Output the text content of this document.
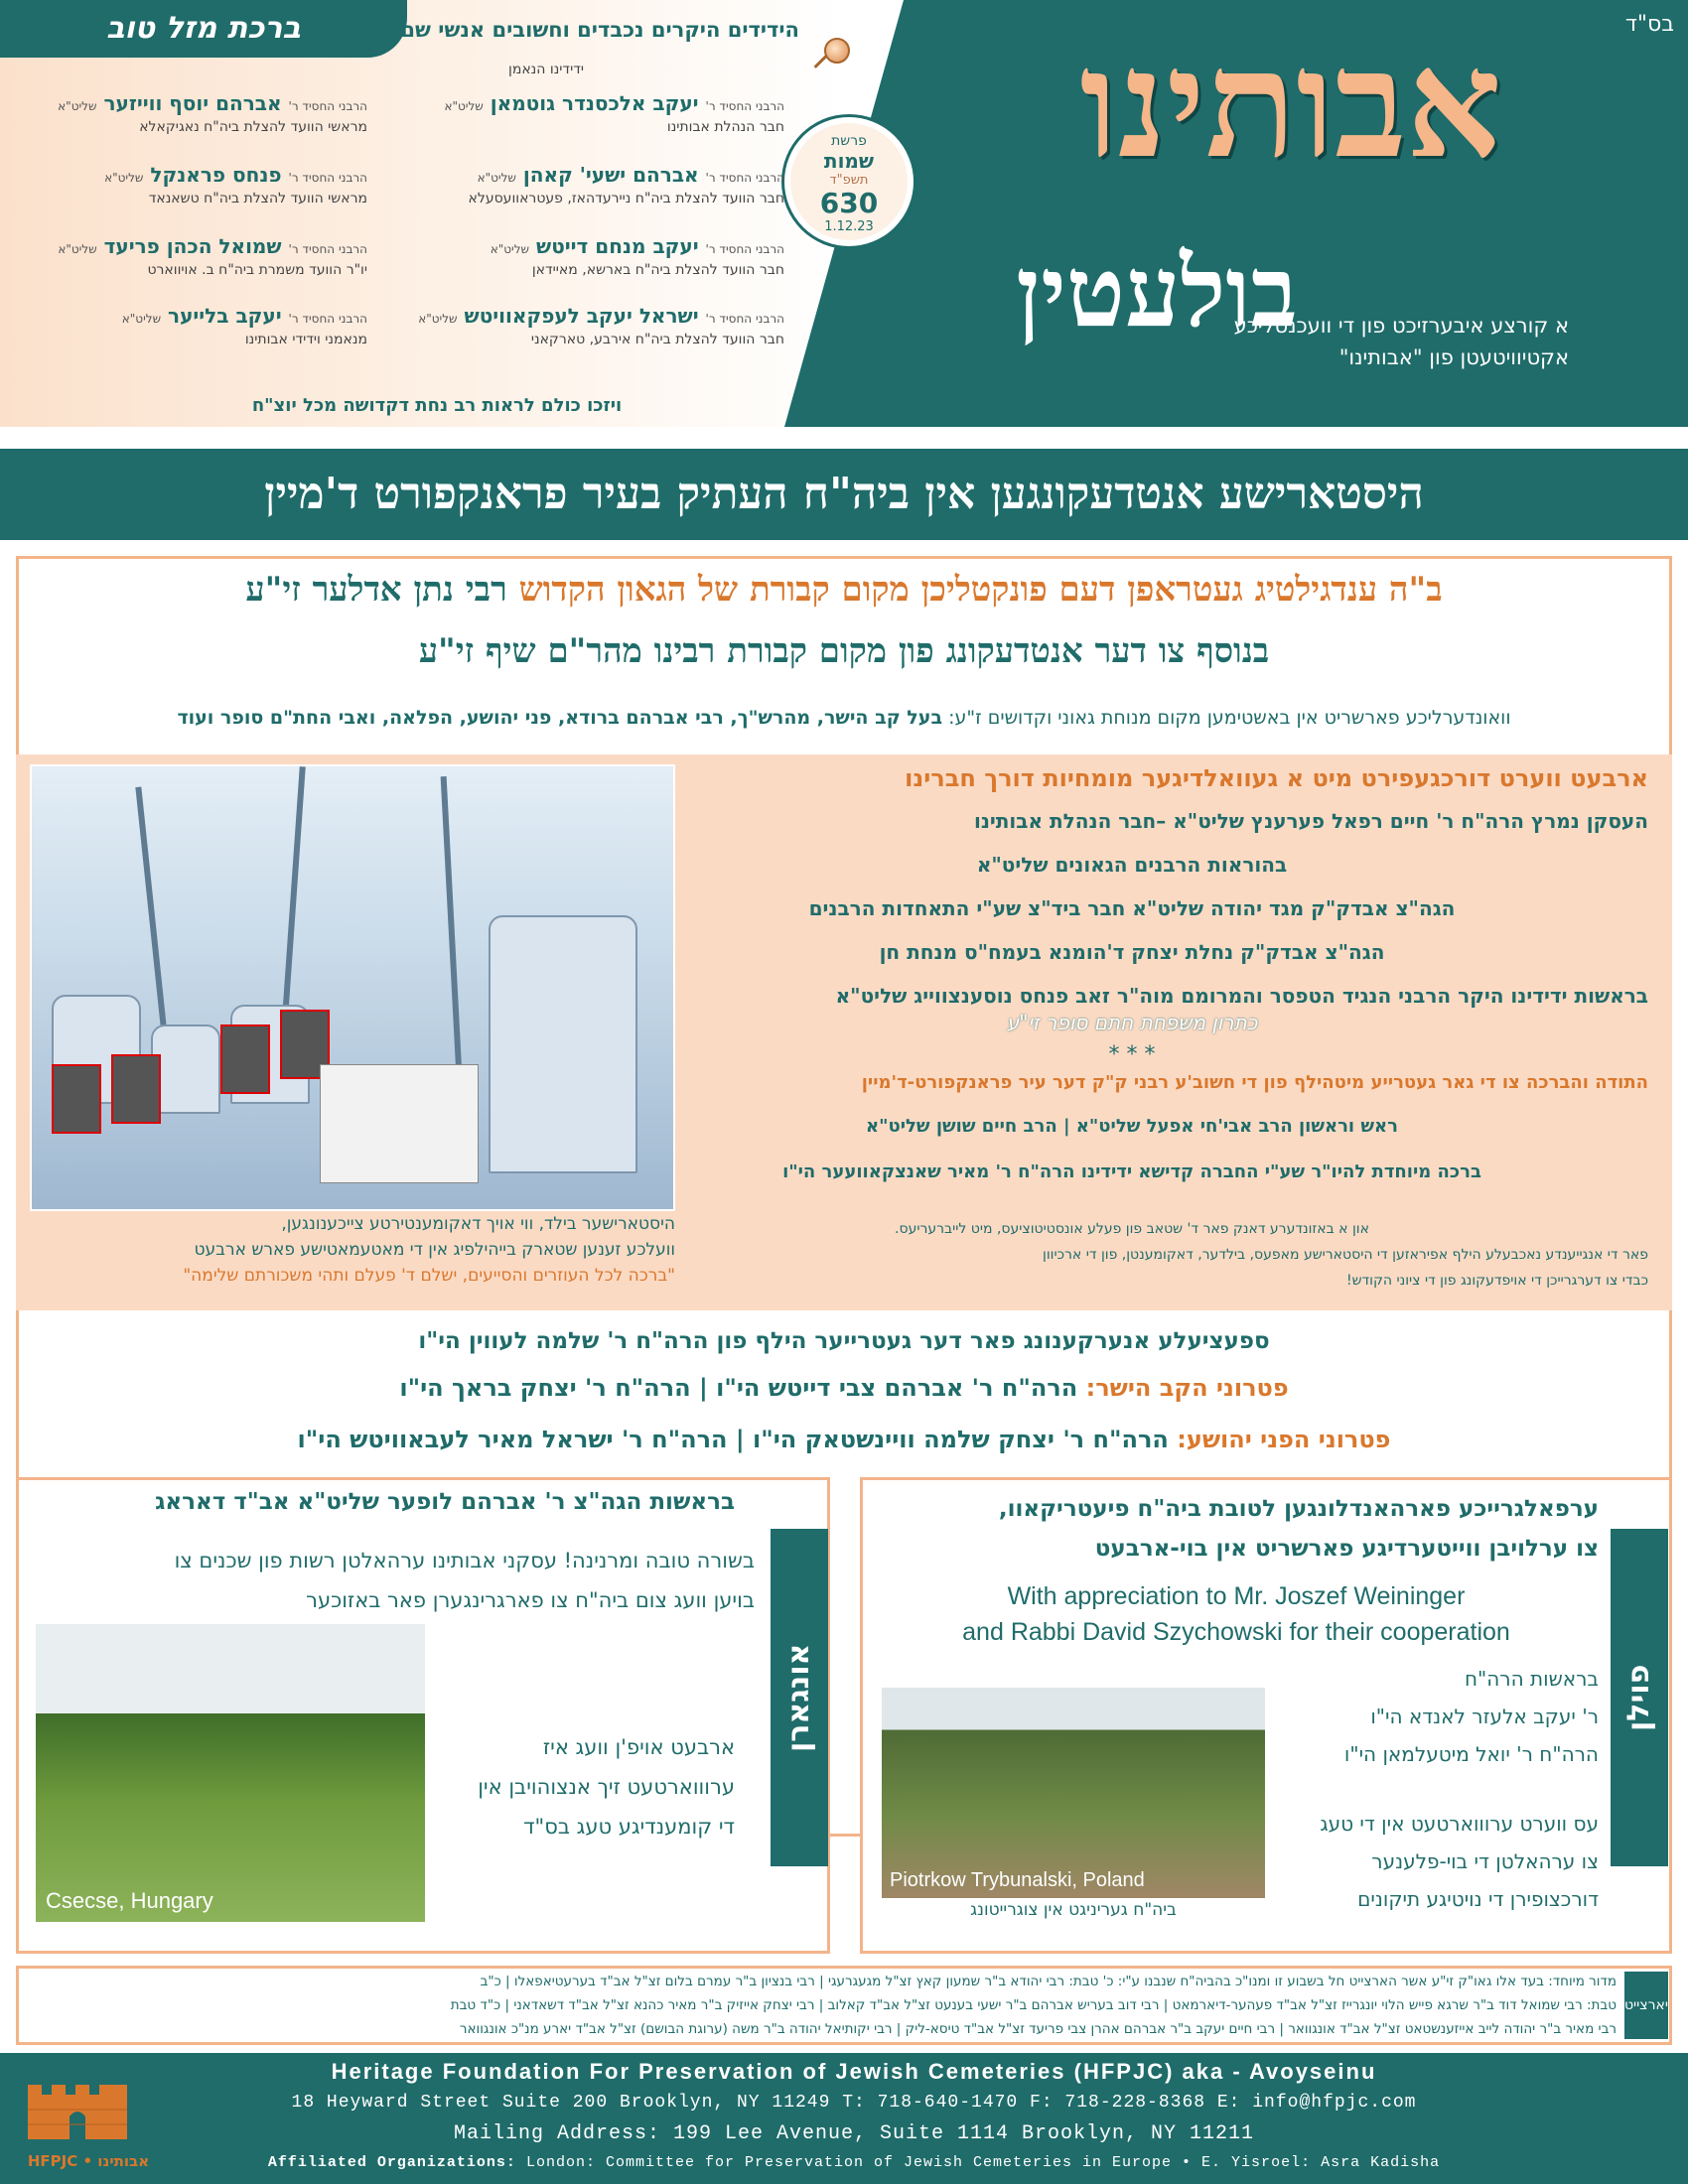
בס"ד
אבותינו
בולעטין
א קורצע איבערזיכט פון די וועכנטליכע
אקטיוויטעטן פון "אבותינו"
פרשת
שמות
תשפ"ד
630
1.12.23
ברכת מזל טוב	הידידים היקרים נכבדים וחשובים אנשי שם:
ידידינו הנאמן
הרבני החסיד ר' יעקב אלכסנדר גוטמאן שליט"א
חבר הנהלת אבותינו
הרבני החסיד ר' אברהם ישעי' קאהן שליט"א
חבר הוועד להצלת ביה"ח ניירעדהאז, פעטראוועסעלא
הרבני החסיד ר' יעקב מנחם דייטש שליט"א
חבר הוועד להצלת ביה"ח בארשא, מאיידאן
הרבני החסיד ר' ישראל יעקב לעפקאוויטש שליט"א
חבר הוועד להצלת ביה"ח אירבע, טארקאני
הרבני החסיד ר' אברהם יוסף ווייזער שליט"א
מראשי הוועד להצלת ביה"ח נאגיקאלא
הרבני החסיד ר' פנחס פראנקל שליט"א
מראשי הוועד להצלת ביה"ח טשאנאד
הרבני החסיד ר' שמואל הכהן פריעד שליט"א
יו"ר הוועד משמרת ביה"ח ב. אויווארט
הרבני החסיד ר' יעקב בלייער שליט"א
מנאמני וידידי אבותינו
ויזכו כולם לראות רב נחת דקדושה מכל יוצ"ח
היסטארישע אנטדעקונגען אין ביה"ח העתיק בעיר פראנקפורט ד'מיין
ב"ה ענדגילטיג געטראפן דעם פונקטליכן מקום קבורת של הגאון הקדוש רבי נתן אדלער זי"ע
בנוסף צו דער אנטדעקונג פון מקום קבורת רבינו מהר"ם שיף זי"ע
וואונדערליכע פארשריט אין באשטימען מקום מנוחת גאוני וקדושים ז"ע: בעל קב הישר, מהרש"ך, רבי אברהם ברודא, פני יהושע, הפלאה, ואבי החת"ם סופר ועוד
היסטארישער בילד, ווי אויך דאקומענטירטע צייכענונגען,
וועלכע זענען שטארק בייהילפיג אין די מאטעמאטישע פארש ארבעט
"ברכה לכל העוזרים והסייעים, ישלם ד' פעלם ותהי משכורתם שלימה"
ארבעט ווערט דורכגעפירט מיט א געוואלדיגער מומחיות דורך חברינו
העסקן נמרץ הרה"ח ר' חיים רפאל פערענץ שליט"א –חבר הנהלת אבותינו
בהוראות הרבנים הגאונים שליט"א
הגה"צ אבדק"ק מגד יהודה שליט"א חבר ביד"צ שע"י התאחדות הרבנים
הגה"צ אבדק"ק נחלת יצחק ד'הומנא בעמח"ס מנחת חן
בראשות ידידינו היקר הרבני הנגיד הטפסר והמרומם מוה"ר זאב פנחס נוסענצווייג שליט"א
כתרון משפחת חתם סופר זי"ע
* * *
התודה והברכה צו די גאר געטרייע מיטהילף פון די חשוב'ע רבני ק"ק דער עיר פראנקפורט-ד'מיין
ראש וראשון הרב אבי'חי אפעל שליט"א | הרב חיים שושן שליט"א
ברכה מיוחדת להיו"ר שע"י החברה קדישא ידידינו הרה"ח ר' מאיר שאנצקאוועער הי"ו
און א באזונדערע דאנק פאר ד' שטאב פון פעלע אונסטיטוציעס, מיט לייברעריעס.
פאר די אנגייענדע נאכבעלע הילף אפיראזען די היסטארישע מאפעס, בילדער, דאקומענטן, פון די ארכיוון
כבדי צו דערגרייכן די אויפדעקונג פון די ציוני הקודש!
ספעציעלע אנערקענונג פאר דער געטרייער הילף פון הרה"ח ר' שלמה לעווין הי"ו
פטרוני הקב הישר: הרה"ח ר' אברהם צבי דייטש הי"ו | הרה"ח ר' יצחק בראך הי"ו
פטרוני הפני יהושע: הרה"ח ר' יצחק שלמה וויינשטאק הי"ו | הרה"ח ר' ישראל מאיר לעבאוויטש הי"ו
אונגארן
בראשות הגה"צ ר' אברהם לופער שליט"א אב"ד דאראג
בשורה טובה ומרנינה! עסקני אבותינו ערהאלטן רשות פון שכנים צו
בויען וועג צום ביה"ח צו פארגרינגערן פאר באזוכער
Csecse, Hungary
ארבעט אויפ'ן וועג איז
ערוווארטעט זיך אנצוהויבן אין
די קומענדיגע טעג בס"ד
פוילן
ערפאלגרייכע פארהאנדלונגען לטובת ביה"ח פיעטריקאוו,
צו ערלויבן ווייטערדיגע פארשריט אין בוי-ארבעט
With appreciation to Mr. Joszef Weininger
and Rabbi David Szychowski for their cooperation
בראשות הרה"ח
ר' יעקב אלעזר לאנדא הי"ו
הרה"ח ר' יואל מיטעלמאן הי"ו
עס ווערט ערוווארטעט אין די טעג
צו ערהאלטן די בוי-פלענער
דורכצופירן די נויטיגע תיקונים
Piotrkow Trybunalski, Poland
ביה"ח געריניגט אין צוגרייטונג
יארצייטן
מדור מיוחד: בעד אלו גאו"ק זי"ע אשר הארצייט חל בשבוע זו ומנו"כ בהביה"ח שנבנו ע"י: כ' טבת: רבי יהודא ב"ר שמעון קאץ זצ"ל מגעגרעגי | רבי בנציון ב"ר עמרם בלום זצ"ל אב"ד בערעטיאפאלו | כ"ב
טבת: רבי שמואל דוד ב"ר שרגא פייש הלוי יונגרייז זצ"ל אב"ד פעהער-דיארמאט | רבי דוב בעריש אברהם ב"ר ישעי בענעט זצ"ל אב"ד קאלוב | רבי יצחק אייזיק ב"ר מאיר כהנא זצ"ל אב"ד דשאדאני | כ"ד טבת
רבי מאיר ב"ר יהודה לייב אייזענשטאט זצ"ל אב"ד אונגוואר | רבי חיים יעקב ב"ר אברהם אהרן צבי פריעד זצ"ל אב"ד טיסא-ליק | רבי יקותיאל יהודה ב"ר משה (ערוגת הבושם) זצ"ל אב"ד יארע מנ"כ אונגוואר
HFPJC • אבותינו
Heritage Foundation For Preservation of Jewish Cemeteries (HFPJC) aka - Avoyseinu
18 Heyward Street Suite 200 Brooklyn, NY 11249 T: 718-640-1470 F: 718-228-8368 E: info@hfpjc.com
Mailing Address: 199 Lee Avenue, Suite 1114 Brooklyn, NY 11211
Affiliated Organizations: London: Committee for Preservation of Jewish Cemeteries in Europe • E. Yisroel: Asra Kadisha
